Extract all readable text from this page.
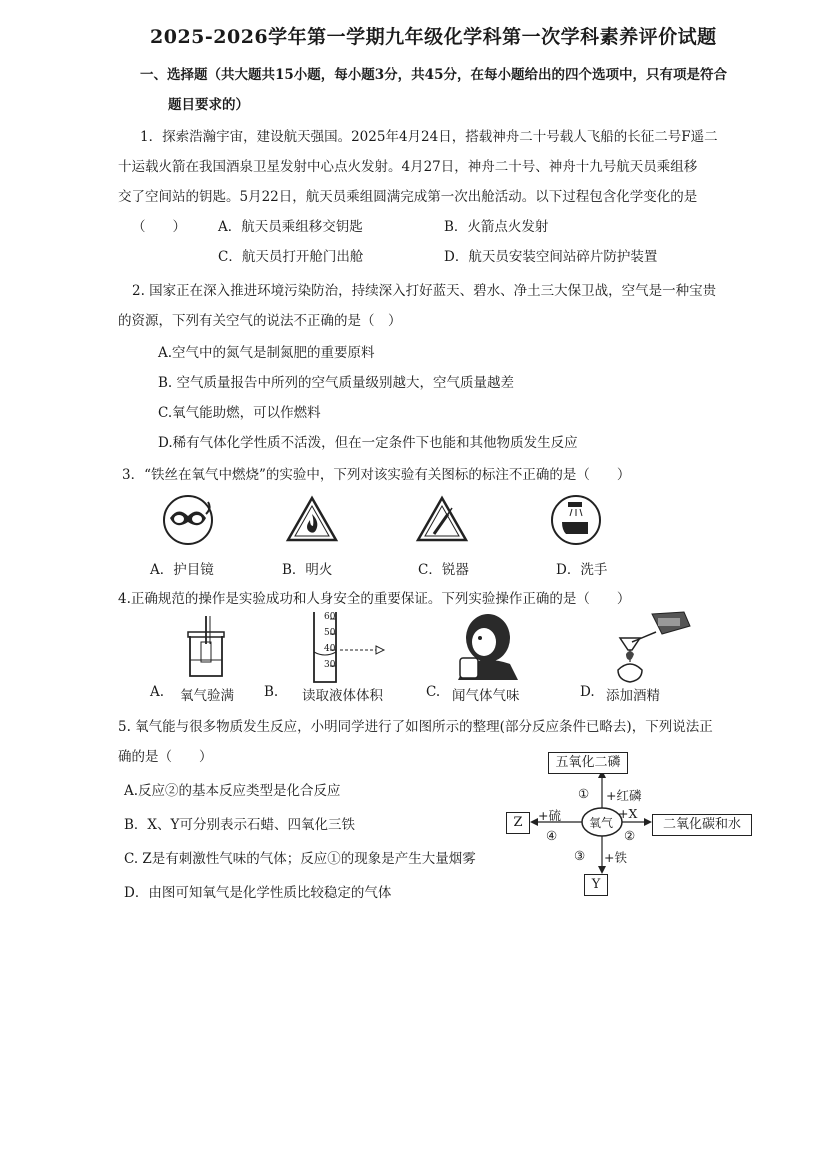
2025-2026学年第一学期九年级化学科第一次学科素养评价试题
一、选择题（共大题共15小题，每小题3分，共45分，在每小题给出的四个选项中，只有项是符合
题目要求的）
1．探索浩瀚宇宙，建设航天强国。2025年4月24日，搭载神舟二十号载人飞船的长征二号F遥二
十运载火箭在我国酒泉卫星发射中心点火发射。4月27日，神舟二十号、神舟十九号航天员乘组移
交了空间站的钥匙。5月22日，航天员乘组圆满完成第一次出舱活动。以下过程包含化学变化的是
（　　） A．航天员乘组移交钥匙	B．火箭点火发射
C．航天员打开舱门出舱	D．航天员安装空间站碎片防护装置
2. 国家正在深入推进环境污染防治，持续深入打好蓝天、碧水、净土三大保卫战，空气是一种宝贵
的资源，下列有关空气的说法不正确的是（　）
A.空气中的氮气是制氮肥的重要原料
B. 空气质量报告中所列的空气质量级别越大，空气质量越差
C.氧气能助燃，可以作燃料
D.稀有气体化学性质不活泼，但在一定条件下也能和其他物质发生反应
3．“铁丝在氧气中燃烧”的实验中，下列对该实验有关图标的标注不正确的是（　　）
A．护目镜	B．明火	C．锐器	D．洗手
4.正确规范的操作是实验成功和人身安全的重要保证。下列实验操作正确的是（　　）
60
50
40
30
A. 氧气验满 B. 读取液体体积	C. 闻气体气味	D. 添加酒精
5. 氧气能与很多物质发生反应，小明同学进行了如图所示的整理(部分反应条件已略去)，下列说法正
确的是（　　）
A.反应②的基本反应类型是化合反应
B．X、Y可分别表示石蜡、四氧化三铁
C. Z是有刺激性气味的气体；反应①的现象是产生大量烟雾
D．由图可知氧气是化学性质比较稳定的气体
五氧化二磷
氧气
Z	二氧化碳和水
Y
① +红磷
+X
②
+硫
④
③ +铁
